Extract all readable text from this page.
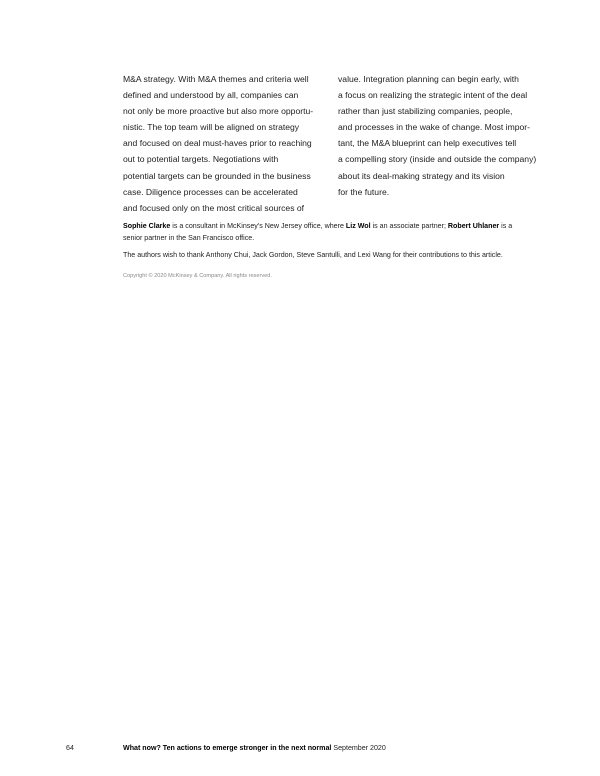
M&A strategy. With M&A themes and criteria well
defined and understood by all, companies can
not only be more proactive but also more opportu-
nistic. The top team will be aligned on strategy
and focused on deal must-haves prior to reaching
out to potential targets. Negotiations with
potential targets can be grounded in the business
case. Diligence processes can be accelerated
and focused only on the most critical sources of
value. Integration planning can begin early, with
a focus on realizing the strategic intent of the deal
rather than just stabilizing companies, people,
and processes in the wake of change. Most impor-
tant, the M&A blueprint can help executives tell
a compelling story (inside and outside the company)
about its deal-making strategy and its vision
for the future.
Sophie Clarke is a consultant in McKinsey’s New Jersey office, where Liz Wol is an associate partner; Robert Uhlaner is a
senior partner in the San Francisco office.
The authors wish to thank Anthony Chui, Jack Gordon, Steve Santulli, and Lexi Wang for their contributions to this article.
Copyright © 2020 McKinsey & Company. All rights reserved.
64	What now? Ten actions to emerge stronger in the next normal September 2020
